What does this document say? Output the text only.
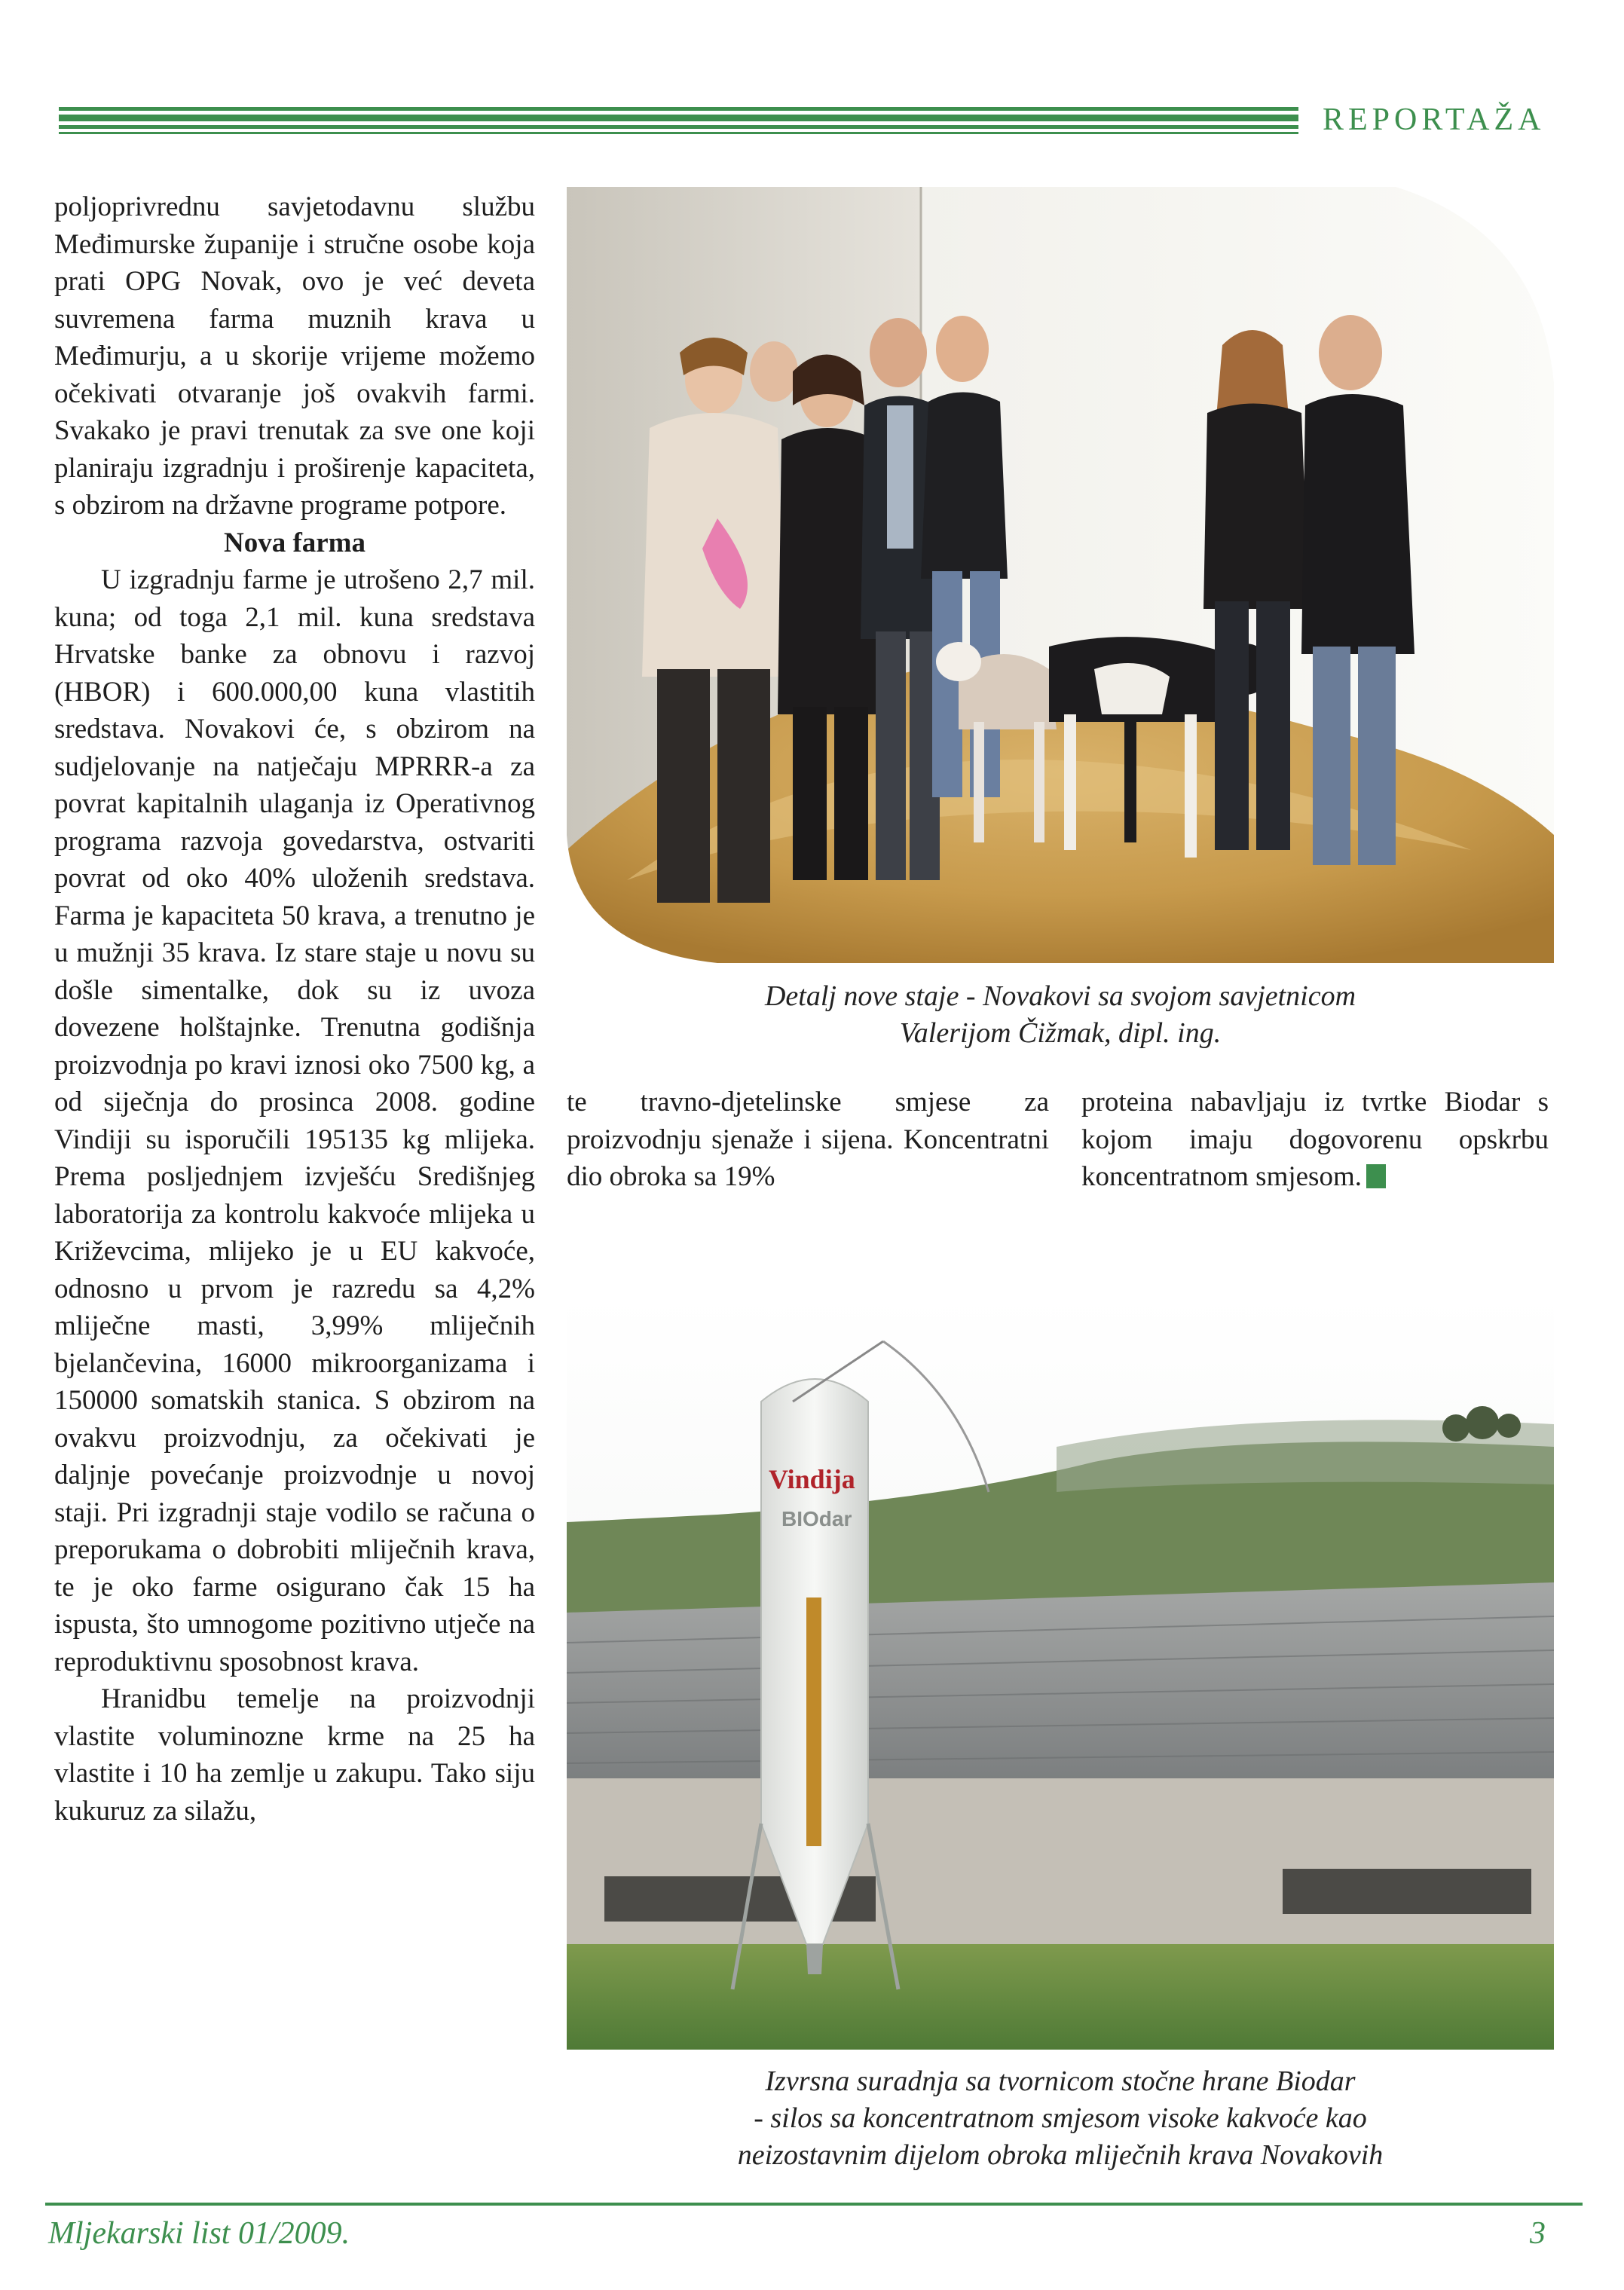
REPORTAŽA

poljoprivrednu savjetodavnu službu Međimurske županije i stručne osobe koja prati OPG Novak, ovo je već deveta suvremena farma muznih krava u Međimurju, a u skorije vrijeme možemo očekivati otvaranje još ovakvih farmi. Svakako je pravi trenutak za sve one koji planiraju izgradnju i proširenje kapaciteta, s obzirom na državne programe potpore.

Nova farma

U izgradnju farme je utrošeno 2,7 mil. kuna; od toga 2,1 mil. kuna sredstava Hrvatske banke za obnovu i razvoj (HBOR) i 600.000,00 kuna vlastitih sredstava. Novakovi će, s obzirom na sudjelovanje na natječaju MPRRR-a za povrat kapitalnih ulaganja iz Operativnog programa razvoja govedarstva, ostvariti povrat od oko 40% uloženih sredstava. Farma je kapaciteta 50 krava, a trenutno je u mužnji 35 krava. Iz stare staje u novu su došle simentalke, dok su iz uvoza dovezene holštajnke. Trenutna godišnja proizvodnja po kravi iznosi oko 7500 kg, a od siječnja do prosinca 2008. godine Vindiji su isporučili 195135 kg mlijeka. Prema posljednjem izvješću Središnjeg laboratorija za kontrolu kakvoće mlijeka u Križevcima, mlijeko je u EU kakvoće, odnosno u prvom je razredu sa 4,2% mliječne masti, 3,99% mliječnih bjelančevina, 16000 mikroorganizama i 150000 somatskih stanica. S obzirom na ovakvu proizvodnju, za očekivati je daljnje povećanje proizvodnje u novoj staji. Pri izgradnji staje vodilo se računa o preporukama o dobrobiti mliječnih krava, te je oko farme osigurano čak 15 ha ispusta, što umnogome pozitivno utječe na reproduktivnu sposobnost krava.

Hranidbu temelje na proizvodnji vlastite voluminozne krme na 25 ha vlastite i 10 ha zemlje u zakupu. Tako siju kukuruz za silažu,

Detalj nove staje - Novakovi sa svojom savjetnicom
Valerijom Čižmak, dipl. ing.

te travno-djetelinske smjese za proizvodnju sjenaže i sijena. Koncentratni dio obroka sa 19%

proteina nabavljaju iz tvrtke Biodar s kojom imaju dogovorenu opskrbu koncentratnom smjesom.

Vindija
BIOdar
Izvrsna suradnja sa tvornicom stočne hrane Biodar
- silos sa koncentratnom smjesom visoke kakvoće kao
neizostavnim dijelom obroka mliječnih krava Novakovih
Mljekarski list 01/2009.	3
